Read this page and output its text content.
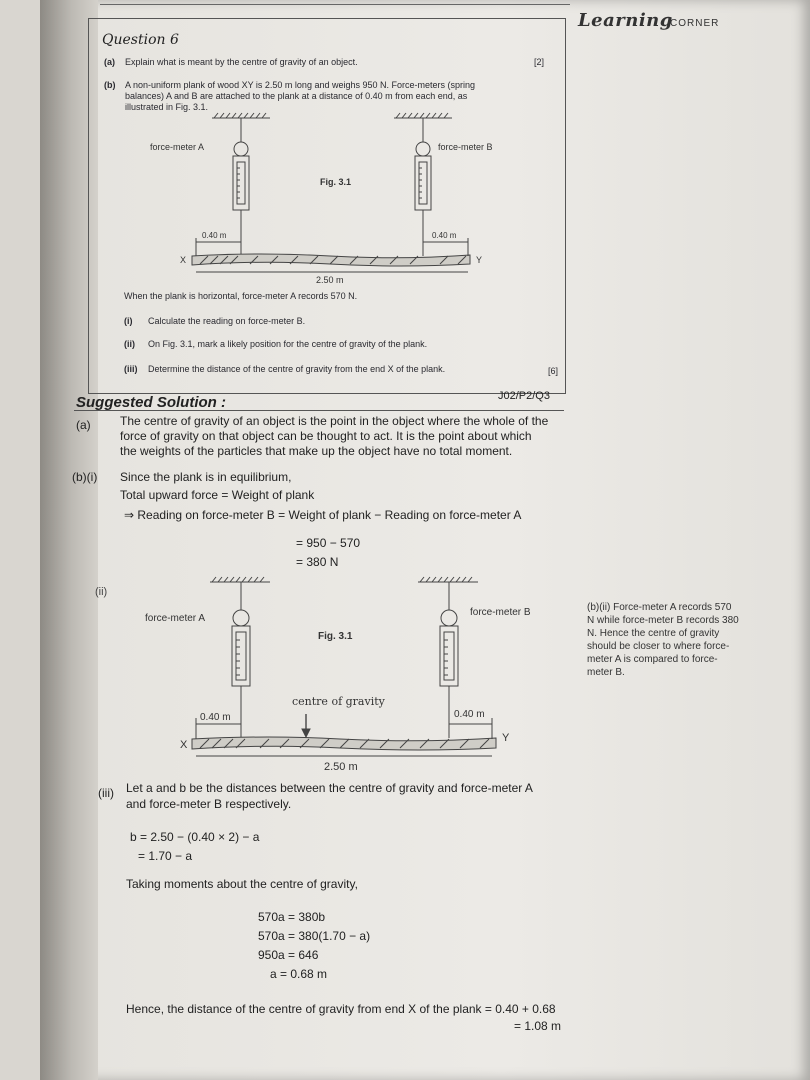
Learning
CORNER
Question 6
(a) Explain what is meant by the centre of gravity of an object.	[2]
(b) A non-uniform plank of wood XY is 2.50 m long and weighs 950 N. Force-meters (spring
balances) A and B are attached to the plank at a distance of 0.40 m from each end, as
illustrated in Fig. 3.1.
force-meter A	force-meter B
Fig. 3.1
0.40 m	0.40 m
X	Y
2.50 m
When the plank is horizontal, force-meter A records 570 N.
(i) Calculate the reading on force-meter B.
(ii) On Fig. 3.1, mark a likely position for the centre of gravity of the plank.
(iii) Determine the distance of the centre of gravity from the end X of the plank.	[6]
Suggested Solution :	J02/P2/Q3
(a) The centre of gravity of an object is the point in the object where the whole of the
force of gravity on that object can be thought to act. It is the point about which
the weights of the particles that make up the object have no total moment.
(b)(i) Since the plank is in equilibrium,
Total upward force = Weight of plank
⇒ Reading on force-meter B = Weight of plank − Reading on force-meter A
= 950 − 570
= 380 N
(ii)
force-meter A
force-meter B
Fig. 3.1
centre of gravity
0.40 m	0.40 m
X
Y
2.50 m
(b)(ii) Force-meter A records 570
N while force-meter B records 380
N. Hence the centre of gravity
should be closer to where force-
meter A is compared to force-
meter B.
(iii) Let a and b be the distances between the centre of gravity and force-meter A
and force-meter B respectively.
b = 2.50 − (0.40 × 2) − a
= 1.70 − a
Taking moments about the centre of gravity,
570a = 380b
570a = 380(1.70 − a)
950a = 646
a = 0.68 m
Hence, the distance of the centre of gravity from end X of the plank = 0.40 + 0.68
= 1.08 m
